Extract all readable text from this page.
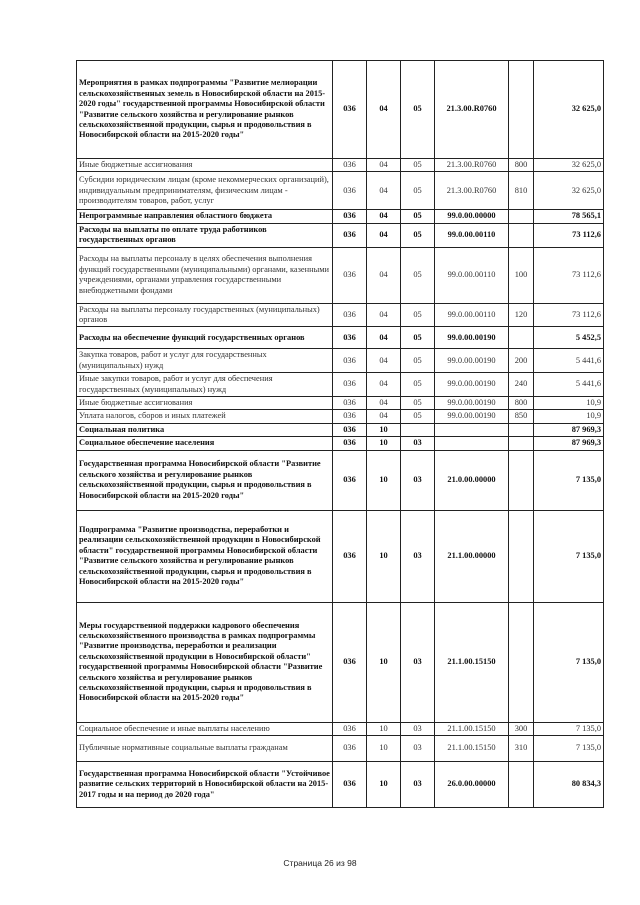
Мероприятия в рамках подпрограммы "Развитие мелиорации сельскохозяйственных земель в Новосибирской области на 2015-2020 годы" государственной программы Новосибирской области "Развитие сельского хозяйства и регулирование рынков сельскохозяйственной продукции, сырья и продовольствия в Новосибирской области на 2015-2020 годы"	036	04	05	21.3.00.R0760		32 625,0
Иные бюджетные ассигнования	036	04	05	21.3.00.R0760	800	32 625,0
Субсидии юридическим лицам (кроме некоммерческих организаций), индивидуальным предпринимателям, физическим лицам - производителям товаров, работ, услуг	036	04	05	21.3.00.R0760	810	32 625,0
Непрограммные направления областного бюджета	036	04	05	99.0.00.00000		78 565,1
Расходы на выплаты по оплате труда работников государственных органов	036	04	05	99.0.00.00110		73 112,6
Расходы на выплаты персоналу в целях обеспечения выполнения функций государственными (муниципальными) органами, казенными учреждениями, органами управления государственными внебюджетными фондами	036	04	05	99.0.00.00110	100	73 112,6
Расходы на выплаты персоналу государственных (муниципальных) органов	036	04	05	99.0.00.00110	120	73 112,6
Расходы на обеспечение функций государственных органов	036	04	05	99.0.00.00190		5 452,5
Закупка товаров, работ и услуг для государственных (муниципальных) нужд	036	04	05	99.0.00.00190	200	5 441,6
Иные закупки товаров, работ и услуг для обеспечения государственных (муниципальных) нужд	036	04	05	99.0.00.00190	240	5 441,6
Иные бюджетные ассигнования	036	04	05	99.0.00.00190	800	10,9
Уплата налогов, сборов и иных платежей	036	04	05	99.0.00.00190	850	10,9
Социальная политика	036	10				87 969,3
Социальное обеспечение населения	036	10	03			87 969,3
Государственная программа Новосибирской области "Развитие сельского хозяйства и регулирование рынков сельскохозяйственной продукции, сырья и продовольствия в Новосибирской области на 2015-2020 годы"	036	10	03	21.0.00.00000		7 135,0
Подпрограмма "Развитие производства, переработки и реализации сельскохозяйственной продукции в Новосибирской области" государственной программы Новосибирской области "Развитие сельского хозяйства и регулирование рынков сельскохозяйственной продукции, сырья и продовольствия в Новосибирской области на 2015-2020 годы"	036	10	03	21.1.00.00000		7 135,0
Меры государственной поддержки кадрового обеспечения сельскохозяйственного производства в рамках подпрограммы "Развитие производства, переработки и реализации сельскохозяйственной продукции в Новосибирской области" государственной программы Новосибирской области "Развитие сельского хозяйства и регулирование рынков сельскохозяйственной продукции, сырья и продовольствия в Новосибирской области на 2015-2020 годы"	036	10	03	21.1.00.15150		7 135,0
Социальное обеспечение и иные выплаты населению	036	10	03	21.1.00.15150	300	7 135,0
Публичные нормативные социальные выплаты гражданам	036	10	03	21.1.00.15150	310	7 135,0
Государственная программа Новосибирской области "Устойчивое развитие сельских территорий в Новосибирской области на 2015-2017 годы и на период до 2020 года"	036	10	03	26.0.00.00000		80 834,3
Страница 26 из 98
